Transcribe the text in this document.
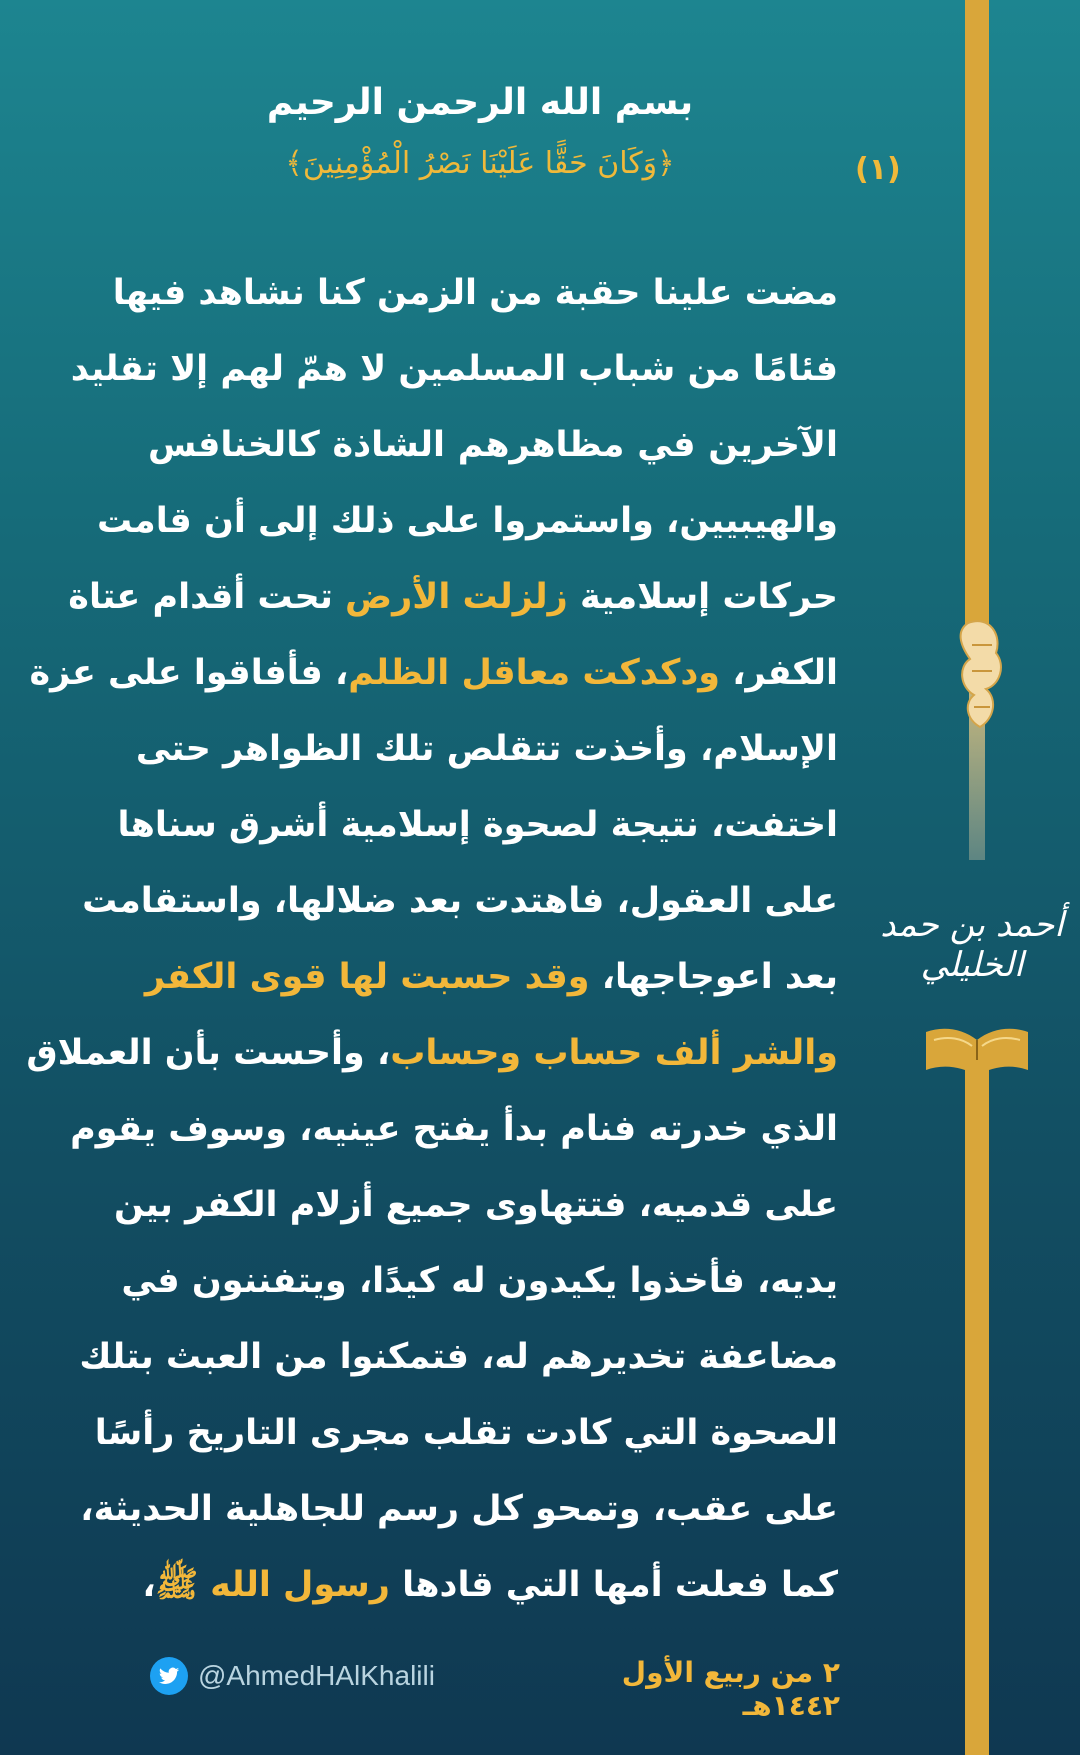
أحمد بن حمد الخليلي
بسم الله الرحمن الرحيم
﴿وَكَانَ حَقًّا عَلَيْنَا نَصْرُ الْمُؤْمِنِينَ﴾	(١)
مضت علينا حقبة من الزمن كنا نشاهد فيها
فئامًا من شباب المسلمين لا همّ لهم إلا تقليد
الآخرين في مظاهرهم الشاذة كالخنافس
والهيبيين، واستمروا على ذلك إلى أن قامت
حركات إسلامية زلزلت الأرض تحت أقدام عتاة
الكفر، ودكدكت معاقل الظلم، فأفاقوا على عزة
الإسلام، وأخذت تتقلص تلك الظواهر حتى
اختفت، نتيجة لصحوة إسلامية أشرق سناها
على العقول، فاهتدت بعد ضلالها، واستقامت
بعد اعوجاجها، وقد حسبت لها قوى الكفر
والشر ألف حساب وحساب، وأحست بأن العملاق
الذي خدرته فنام بدأ يفتح عينيه، وسوف يقوم
على قدميه، فتتهاوى جميع أزلام الكفر بين
يديه، فأخذوا يكيدون له كيدًا، ويتفننون في
مضاعفة تخديرهم له، فتمكنوا من العبث بتلك
الصحوة التي كادت تقلب مجرى التاريخ رأسًا
على عقب، وتمحو كل رسم للجاهلية الحديثة،
كما فعلت أمها التي قادها رسول الله ﷺ،
٢ من ربيع الأول ١٤٤٢هـ
@AhmedHAlKhalili
